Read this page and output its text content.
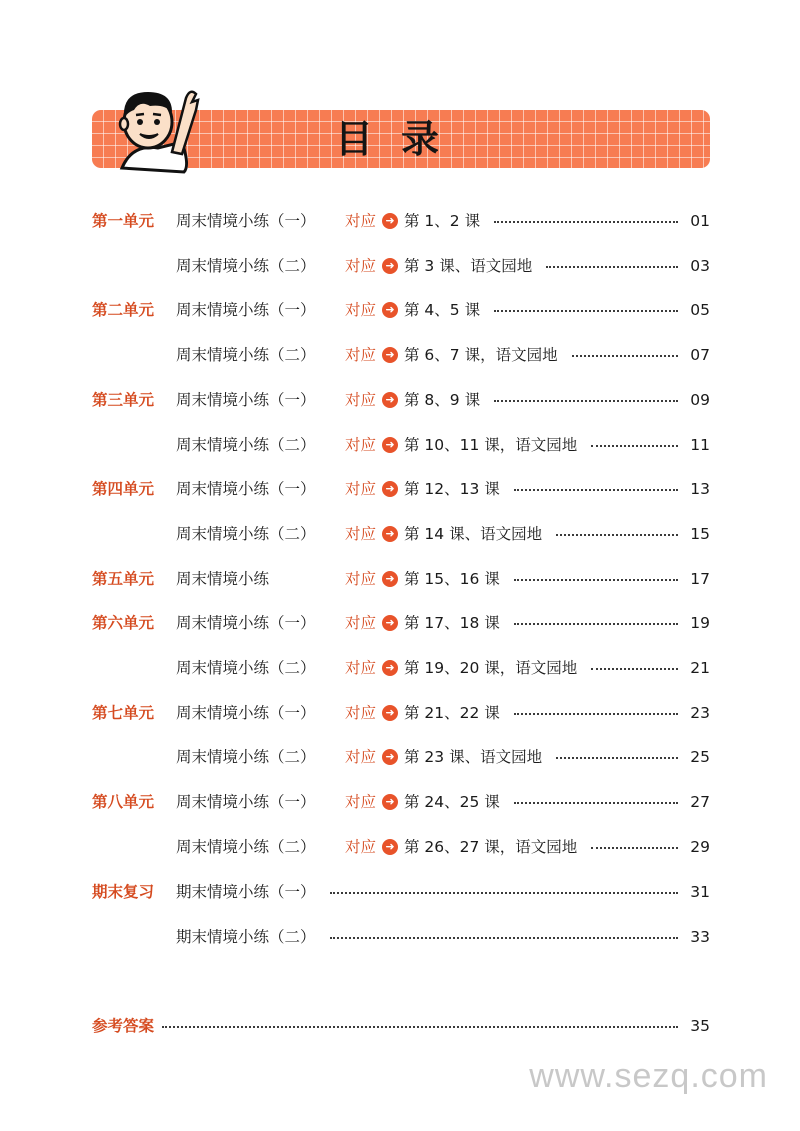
目录
第一单元 周末情境小练（一） 对应 ➜ 第 1、2 课	01
周末情境小练（二） 对应 ➜ 第 3 课、语文园地	03
第二单元 周末情境小练（一） 对应 ➜ 第 4、5 课	05
周末情境小练（二） 对应 ➜ 第 6、7 课，语文园地	07
第三单元 周末情境小练（一） 对应 ➜ 第 8、9 课	09
周末情境小练（二） 对应 ➜ 第 10、11 课，语文园地	11
第四单元 周末情境小练（一） 对应 ➜ 第 12、13 课	13
周末情境小练（二） 对应 ➜ 第 14 课、语文园地	15
第五单元 周末情境小练	对应 ➜ 第 15、16 课	17
第六单元 周末情境小练（一） 对应 ➜ 第 17、18 课	19
周末情境小练（二） 对应 ➜ 第 19、20 课，语文园地	21
第七单元 周末情境小练（一） 对应 ➜ 第 21、22 课	23
周末情境小练（二） 对应 ➜ 第 23 课、语文园地	25
第八单元 周末情境小练（一） 对应 ➜ 第 24、25 课	27
周末情境小练（二） 对应 ➜ 第 26、27 课，语文园地	29
期末复习 期末情境小练（一）	31
期末情境小练（二）	33
参考答案	35
www.sezq.com
